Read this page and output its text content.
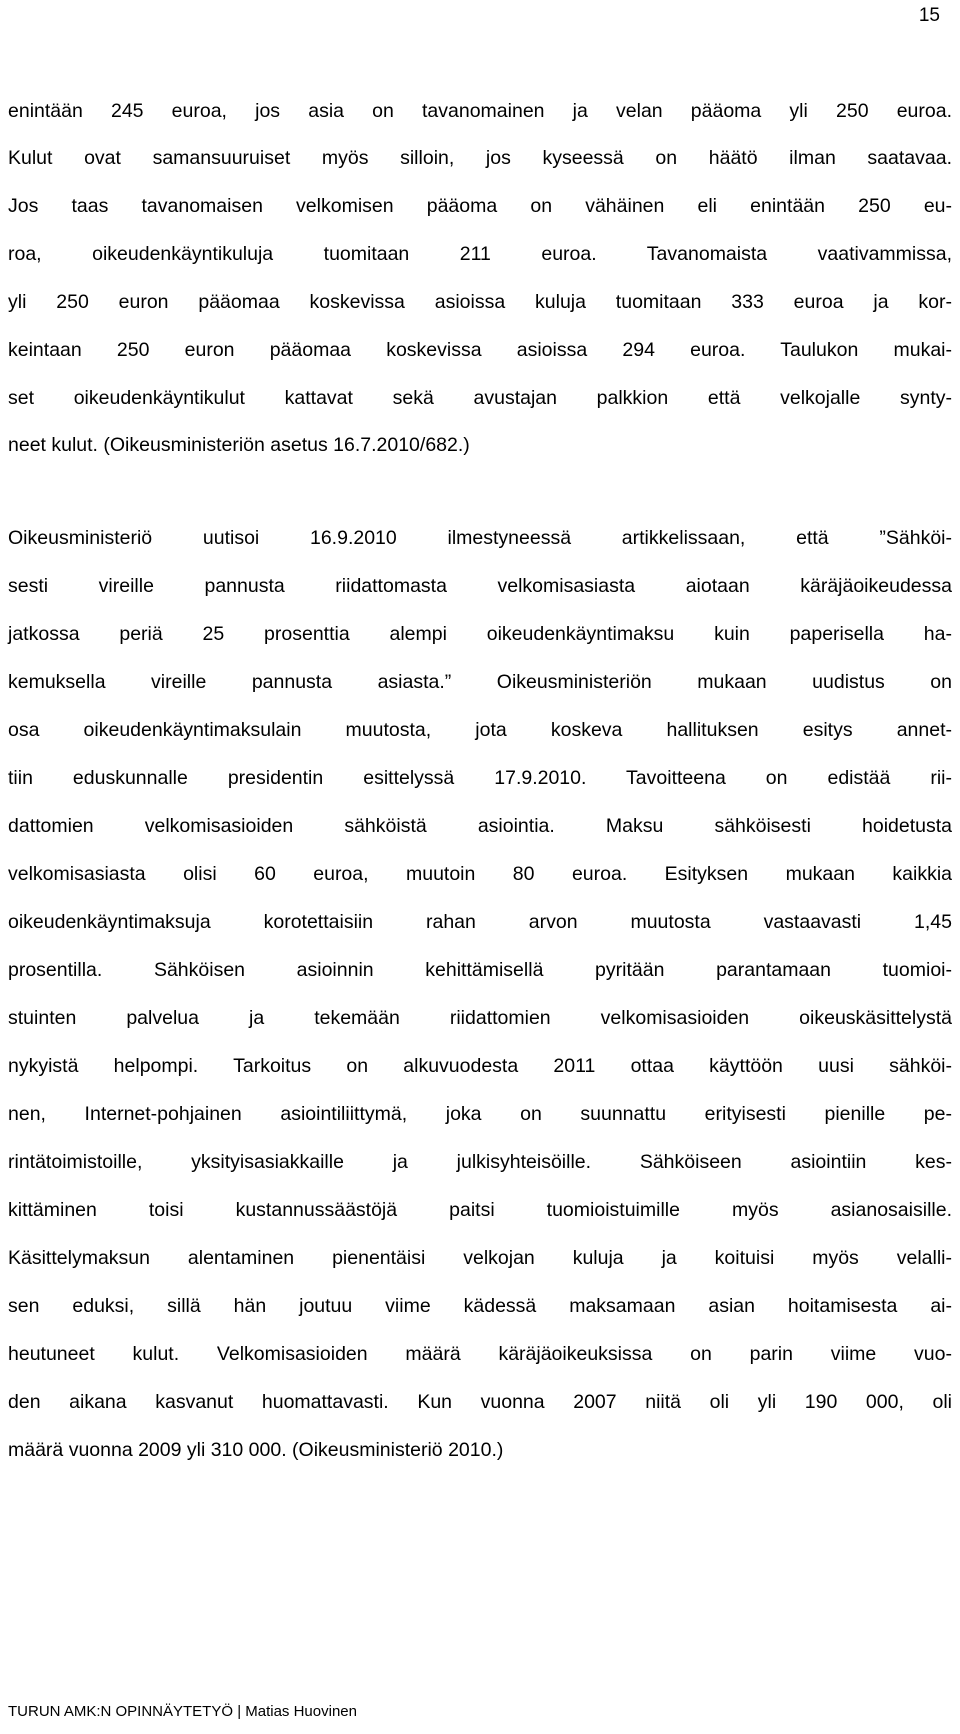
15
enintään 245 euroa, jos asia on tavanomainen ja velan pääoma yli 250 euroa.
Kulut ovat samansuuruiset myös silloin, jos kyseessä on häätö ilman saatavaa.
Jos taas tavanomaisen velkomisen pääoma on vähäinen eli enintään 250 eu-
roa, oikeudenkäyntikuluja tuomitaan 211 euroa. Tavanomaista vaativammissa,
yli 250 euron pääomaa koskevissa asioissa kuluja tuomitaan 333 euroa ja kor-
keintaan 250 euron pääomaa koskevissa asioissa 294 euroa. Taulukon mukai-
set oikeudenkäyntikulut kattavat sekä avustajan palkkion että velkojalle synty-
neet kulut. (Oikeusministeriön asetus 16.7.2010/682.)
Oikeusministeriö uutisoi 16.9.2010 ilmestyneessä artikkelissaan, että ”Sähköi-
sesti vireille pannusta riidattomasta velkomisasiasta aiotaan käräjäoikeudessa
jatkossa periä 25 prosenttia alempi oikeudenkäyntimaksu kuin paperisella ha-
kemuksella vireille pannusta asiasta.” Oikeusministeriön mukaan uudistus on
osa oikeudenkäyntimaksulain muutosta, jota koskeva hallituksen esitys annet-
tiin eduskunnalle presidentin esittelyssä 17.9.2010. Tavoitteena on edistää rii-
dattomien velkomisasioiden sähköistä asiointia. Maksu sähköisesti hoidetusta
velkomisasiasta olisi 60 euroa, muutoin 80 euroa. Esityksen mukaan kaikkia
oikeudenkäyntimaksuja korotettaisiin rahan arvon muutosta vastaavasti 1,45
prosentilla. Sähköisen asioinnin kehittämisellä pyritään parantamaan tuomioi-
stuinten palvelua ja tekemään riidattomien velkomisasioiden oikeuskäsittelystä
nykyistä helpompi. Tarkoitus on alkuvuodesta 2011 ottaa käyttöön uusi sähköi-
nen, Internet-pohjainen asiointiliittymä, joka on suunnattu erityisesti pienille pe-
rintätoimistoille, yksityisasiakkaille ja julkisyhteisöille. Sähköiseen asiointiin kes-
kittäminen toisi kustannussäästöjä paitsi tuomioistuimille myös asianosaisille.
Käsittelymaksun alentaminen pienentäisi velkojan kuluja ja koituisi myös velalli-
sen eduksi, sillä hän joutuu viime kädessä maksamaan asian hoitamisesta ai-
heutuneet kulut. Velkomisasioiden määrä käräjäoikeuksissa on parin viime vuo-
den aikana kasvanut huomattavasti. Kun vuonna 2007 niitä oli yli 190 000, oli
määrä vuonna 2009 yli 310 000. (Oikeusministeriö 2010.)
TURUN AMK:N OPINNÄYTETYÖ | Matias Huovinen
